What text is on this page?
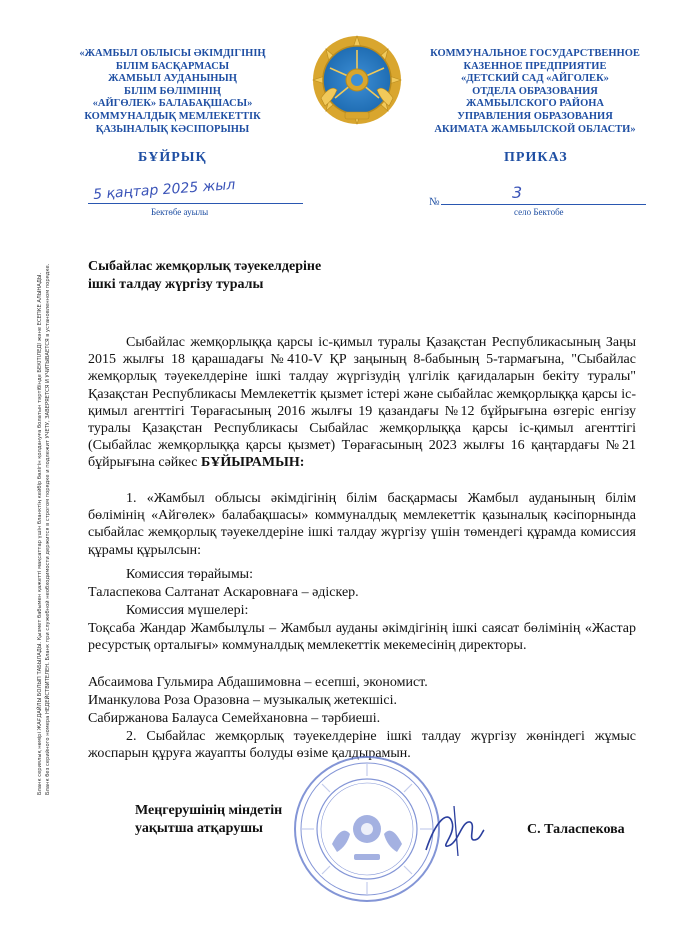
Бланк сериялық нөмірі ЖАҒДАЙЛЫ БОЛЫП ТАБЫЛАДЫ. Қызмет бабымен қажетті мақсаттар үшін бланктің кейбір бөлігін қолдануға болатын тәртібінде БЕКІТІЛЕДІ және ЕСЕПКЕ АЛЫНАДЫ. Бланк без серийного номера НЕДЕЙСТВИТЕЛЕН. Бланк при служебной необходимости держится в строгом порядке и подлежит УЧЕТУ, ЗАВЕРЯЕТСЯ И УЧИТЫВАЕТСЯ в установленном порядке.
«ЖАМБЫЛ ОБЛЫСЫ ӘКІМДІГІНІҢ
БІЛІМ БАСҚАРМАСЫ
ЖАМБЫЛ АУДАНЫНЫҢ
БІЛІМ БӨЛІМІНІҢ
«АЙГӨЛЕК» БАЛАБАҚШАСЫ»
КОММУНАЛДЫҚ МЕМЛЕКЕТТІК
ҚАЗЫНАЛЫҚ КӘСІПОРЫНЫ
КОММУНАЛЬНОЕ ГОСУДАРСТВЕННОЕ
КАЗЕННОЕ ПРЕДПРИЯТИЕ
«ДЕТСКИЙ САД «АЙГОЛЕК»
ОТДЕЛА ОБРАЗОВАНИЯ
ЖАМБЫЛСКОГО РАЙОНА
УПРАВЛЕНИЯ ОБРАЗОВАНИЯ
АКИМАТА ЖАМБЫЛСКОЙ ОБЛАСТИ»
БҰЙРЫҚ	ПРИКАЗ
5 қаңтар 2025 жыл
Бектөбе ауылы
№	3
село Бектобе
Сыбайлас жемқорлық тәуекелдеріне
ішкі талдау жүргізу туралы
Сыбайлас жемқорлыққа қарсы іс-қимыл туралы Қазақстан Республикасының Заңы 2015 жылғы 18 қарашадағы №410-V ҚР заңының 8-бабының 5-тармағына, "Сыбайлас жемқорлық тәуекелдеріне ішкі талдау жүргізудің үлгілік қағидаларын бекіту туралы" Қазақстан Республикасы Мемлекеттік қызмет істері және сыбайлас жемқорлыққа қарсы іс-қимыл агенттігі Төрағасының 2016 жылғы 19 қазандағы №12 бұйрығына өзгеріс енгізу туралы Қазақстан Республикасы Сыбайлас жемқорлыққа қарсы іс-қимыл агенттігі (Сыбайлас жемқорлыққа қарсы қызмет) Төрағасының 2023 жылғы 16 қаңтардағы №21 бұйрығына сәйкес БҰЙЫРАМЫН:
1. «Жамбыл облысы әкімдігінің білім басқармасы Жамбыл ауданының білім бөлімінің «Айгөлек» балабақшасы» коммуналдық мемлекеттік қазыналық кәсіпорнында сыбайлас жемқорлық тәуекелдеріне ішкі талдау жүргізу үшін төмендегі құрамда комиссия құрамы құрылсын:
Комиссия төрайымы:
Таласпекова Салтанат Аскаровнаға – әдіскер.
Комиссия мүшелері:
Тоқсаба Жандар Жамбылұлы – Жамбыл ауданы әкімдігінің ішкі саясат бөлімінің «Жастар ресурстық орталығы» коммуналдық мемлекеттік мекемесінің директоры.
Абсаимова Гульмира Абдашимовна – есепші, экономист.
Иманкулова Роза Оразовна – музыкалық жетекшісі.
Сабиржанова Балауса Семейхановна – тәрбиеші.
2. Сыбайлас жемқорлық тәуекелдеріне ішкі талдау жүргізу жөніндегі жұмыс жоспарын құруға жауапты болуды өзіме қалдырамын.
Меңгерушінің міндетін
уақытша атқарушы	С. Таласпекова
